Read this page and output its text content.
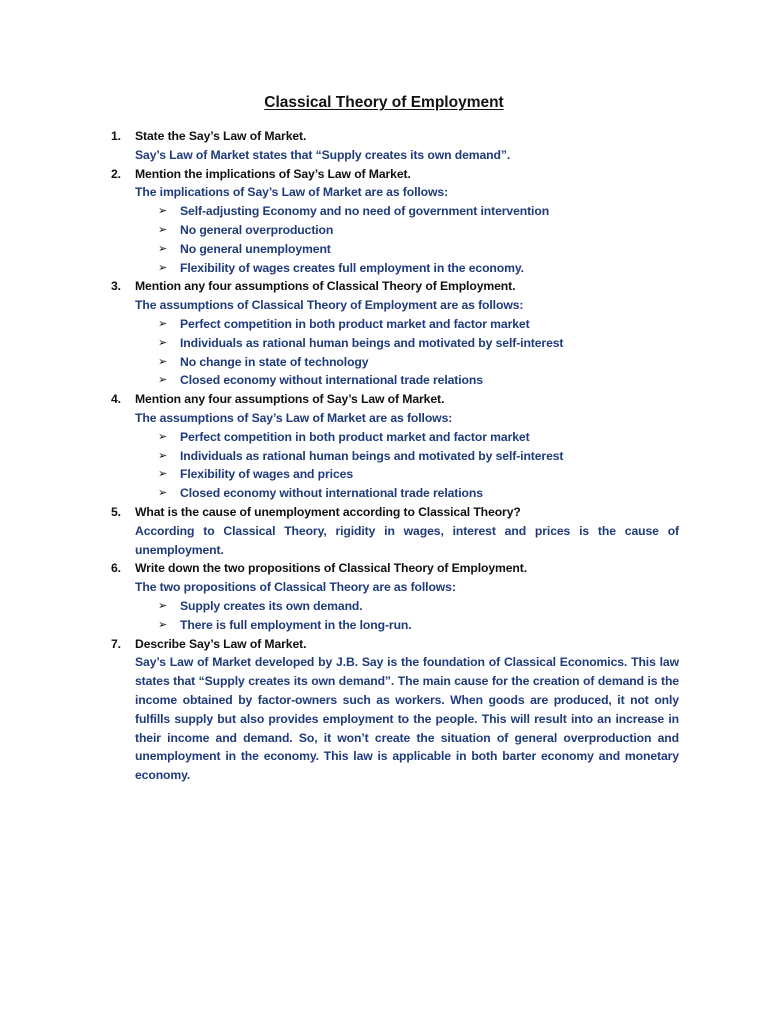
Classical Theory of Employment
1. State the Say’s Law of Market.
Say’s Law of Market states that “Supply creates its own demand”.
2. Mention the implications of Say’s Law of Market.
The implications of Say’s Law of Market are as follows:
➢ Self-adjusting Economy and no need of government intervention
➢ No general overproduction
➢ No general unemployment
➢ Flexibility of wages creates full employment in the economy.
3. Mention any four assumptions of Classical Theory of Employment.
The assumptions of Classical Theory of Employment are as follows:
➢ Perfect competition in both product market and factor market
➢ Individuals as rational human beings and motivated by self-interest
➢ No change in state of technology
➢ Closed economy without international trade relations
4. Mention any four assumptions of Say’s Law of Market.
The assumptions of Say’s Law of Market are as follows:
➢ Perfect competition in both product market and factor market
➢ Individuals as rational human beings and motivated by self-interest
➢ Flexibility of wages and prices
➢ Closed economy without international trade relations
5. What is the cause of unemployment according to Classical Theory?
According to Classical Theory, rigidity in wages, interest and prices is the cause of unemployment.
6. Write down the two propositions of Classical Theory of Employment.
The two propositions of Classical Theory are as follows:
➢ Supply creates its own demand.
➢ There is full employment in the long-run.
7. Describe Say’s Law of Market.
Say’s Law of Market developed by J.B. Say is the foundation of Classical Economics. This law states that “Supply creates its own demand”. The main cause for the creation of demand is the income obtained by factor-owners such as workers. When goods are produced, it not only fulfills supply but also provides employment to the people. This will result into an increase in their income and demand. So, it won’t create the situation of general overproduction and unemployment in the economy. This law is applicable in both barter economy and monetary economy.
